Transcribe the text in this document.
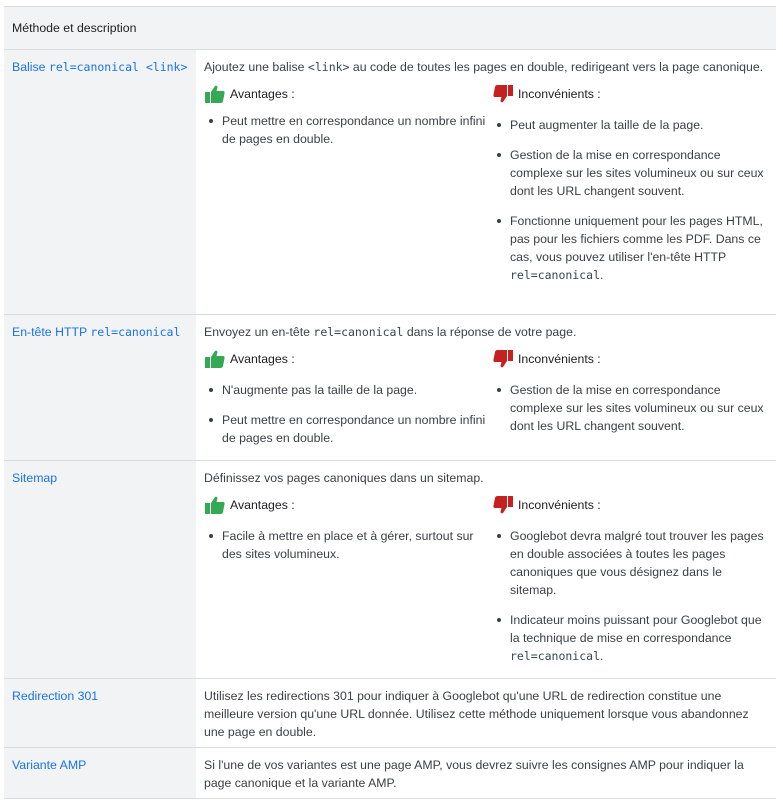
Méthode et description
Balise rel=canonical <link>	Ajoutez une balise <link> au code de toutes les pages en double, redirigeant vers la page canonique.
Avantages :
Peut mettre en correspondance un nombre infini de pages en double.
Inconvénients :
Peut augmenter la taille de la page.
Gestion de la mise en correspondance complexe sur les sites volumineux ou sur ceux dont les URL changent souvent.
Fonctionne uniquement pour les pages HTML, pas pour les fichiers comme les PDF. Dans ce cas, vous pouvez utiliser l'en-tête HTTP rel=canonical.
En-tête HTTP rel=canonical	Envoyez un en-tête rel=canonical dans la réponse de votre page.
Avantages :
N'augmente pas la taille de la page.
Peut mettre en correspondance un nombre infini de pages en double.
Inconvénients :
Gestion de la mise en correspondance complexe sur les sites volumineux ou sur ceux dont les URL changent souvent.
Sitemap	Définissez vos pages canoniques dans un sitemap.
Avantages :
Facile à mettre en place et à gérer, surtout sur des sites volumineux.
Inconvénients :
Googlebot devra malgré tout trouver les pages en double associées à toutes les pages canoniques que vous désignez dans le sitemap.
Indicateur moins puissant pour Googlebot que la technique de mise en correspondance rel=canonical.
Redirection 301	Utilisez les redirections 301 pour indiquer à Googlebot qu'une URL de redirection constitue une meilleure version qu'une URL donnée. Utilisez cette méthode uniquement lorsque vous abandonnez une page en double.
Variante AMP	Si l'une de vos variantes est une page AMP, vous devrez suivre les consignes AMP pour indiquer la page canonique et la variante AMP.
